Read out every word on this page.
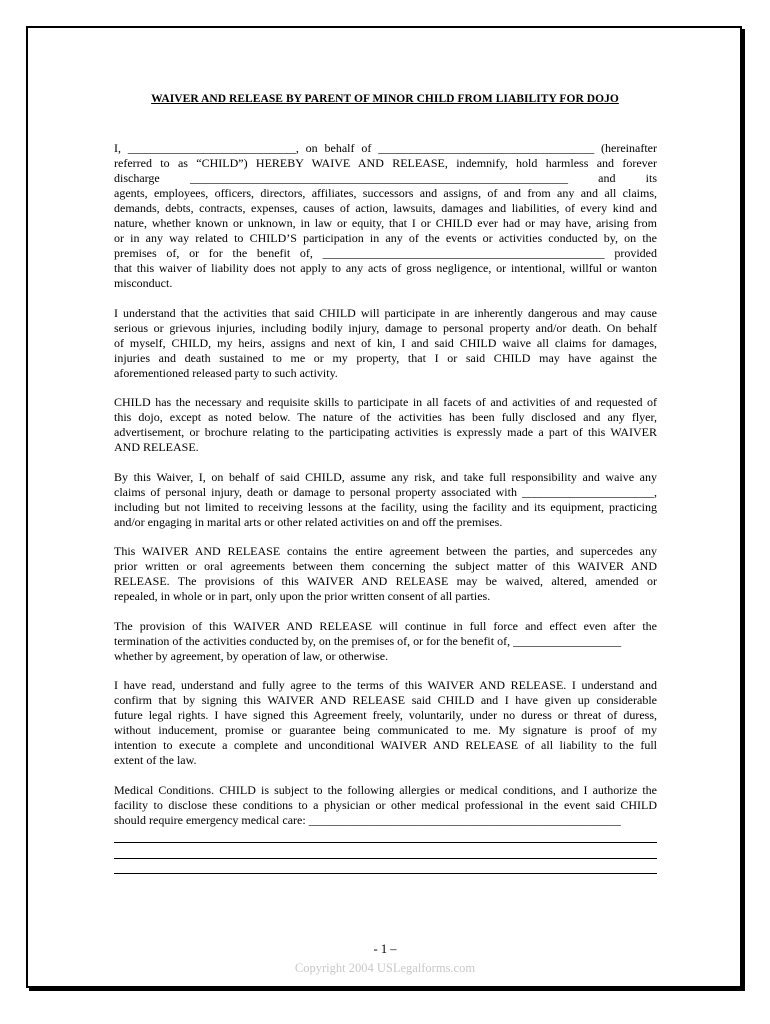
WAIVER AND RELEASE BY PARENT OF MINOR CHILD FROM LIABILITY FOR DOJO

I, ____________________________, on behalf of ____________________________________ (hereinafter
referred to as “CHILD”) HEREBY WAIVE AND RELEASE, indemnify, hold harmless and forever
discharge _______________________________________________________________ and its
agents, employees, officers, directors, affiliates, successors and assigns, of and from any and all claims,
demands, debts, contracts, expenses, causes of action, lawsuits, damages and liabilities, of every kind and
nature, whether known or unknown, in law or equity, that I or CHILD ever had or may have, arising from
or in any way related to CHILD’S participation in any of the events or activities conducted by, on the
premises of, or for the benefit of, _______________________________________________ provided
that this waiver of liability does not apply to any acts of gross negligence, or intentional, willful or wanton
misconduct.

I understand that the activities that said CHILD will participate in are inherently dangerous and may cause
serious or grievous injuries, including bodily injury, damage to personal property and/or death. On behalf
of myself, CHILD, my heirs, assigns and next of kin, I and said CHILD waive all claims for damages,
injuries and death sustained to me or my property, that I or said CHILD may have against the
aforementioned released party to such activity.

CHILD has the necessary and requisite skills to participate in all facets of and activities of and requested of
this dojo, except as noted below. The nature of the activities has been fully disclosed and any flyer,
advertisement, or brochure relating to the participating activities is expressly made a part of this WAIVER
AND RELEASE.

By this Waiver, I, on behalf of said CHILD, assume any risk, and take full responsibility and waive any
claims of personal injury, death or damage to personal property associated with ______________________,
including but not limited to receiving lessons at the facility, using the facility and its equipment, practicing
and/or engaging in marital arts or other related activities on and off the premises.

This WAIVER AND RELEASE contains the entire agreement between the parties, and supercedes any
prior written or oral agreements between them concerning the subject matter of this WAIVER AND
RELEASE. The provisions of this WAIVER AND RELEASE may be waived, altered, amended or
repealed, in whole or in part, only upon the prior written consent of all parties.

The provision of this WAIVER AND RELEASE will continue in full force and effect even after the
termination of the activities conducted by, on the premises of, or for the benefit of, __________________
whether by agreement, by operation of law, or otherwise.

I have read, understand and fully agree to the terms of this WAIVER AND RELEASE. I understand and
confirm that by signing this WAIVER AND RELEASE said CHILD and I have given up considerable
future legal rights. I have signed this Agreement freely, voluntarily, under no duress or threat of duress,
without inducement, promise or guarantee being communicated to me. My signature is proof of my
intention to execute a complete and unconditional WAIVER AND RELEASE of all liability to the full
extent of the law.

Medical Conditions. CHILD is subject to the following allergies or medical conditions, and I authorize the
facility to disclose these conditions to a physician or other medical professional in the event said CHILD
should require emergency medical care: ____________________________________________________

- 1 –
Copyright 2004 USLegalforms.com
